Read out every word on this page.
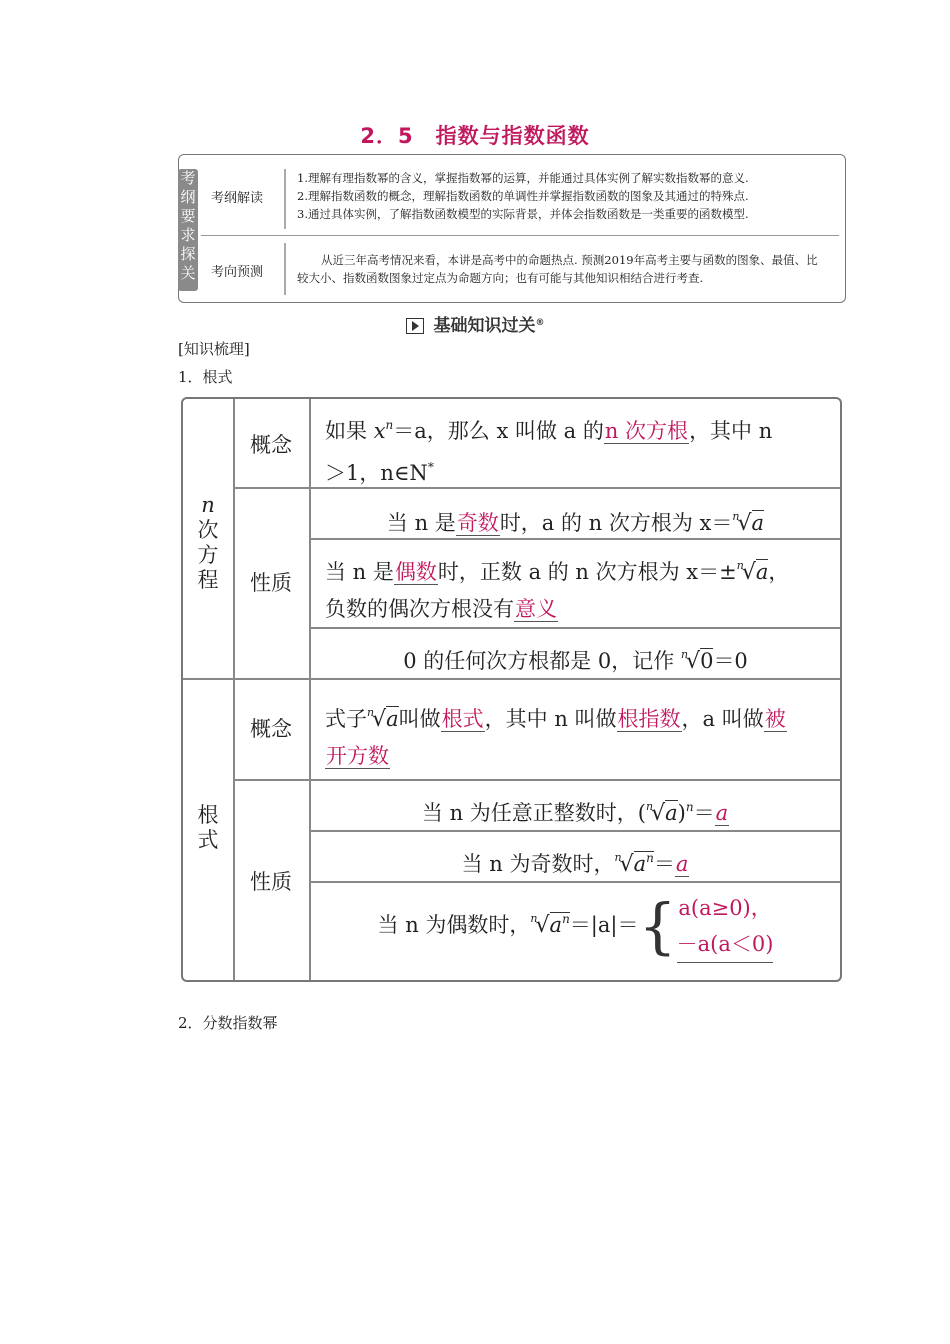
2．5 指数与指数函数
考
纲
要
求
探
关
考纲解读
1.理解有理指数幂的含义，掌握指数幂的运算，并能通过具体实例了解实数指数幂的意义.
2.理解指数函数的概念，理解指数函数的单调性并掌握指数函数的图象及其通过的特殊点.
3.通过具体实例，了解指数函数模型的实际背景，并体会指数函数是一类重要的函数模型.
考向预测
从近三年高考情况来看，本讲是高考中的命题热点. 预测2019年高考主要与函数的图象、最值、比较大小、指数函数图象过定点为命题方向；也有可能与其他知识相结合进行考查.
基础知识过关®
[知识梳理]
1．根式
n
次
方
程
根
式
概念
性质
概念
性质
如果 $x^n=a$，那么 x 叫做 a 的n 次方根，其中 n
＞1，n∈N*
当 n 是奇数时，a 的 n 次方根为 x＝$^n$√a
当 n 是偶数时，正数 a 的 n 次方根为 x＝±$^n$√a，
负数的偶次方根没有意义
0 的任何次方根都是 0，记作 $^n$√0＝0
式子$^n$√a叫做根式，其中 n 叫做根指数，a 叫做被
开方数
当 n 为任意正整数时，$(^n√a)^n=a$
当 n 为奇数时，$^n√a^n=a$
当 n 为偶数时，$^n√a^n=|a|=${ a(a≥0)，
－a(a＜0)
2．分数指数幂
